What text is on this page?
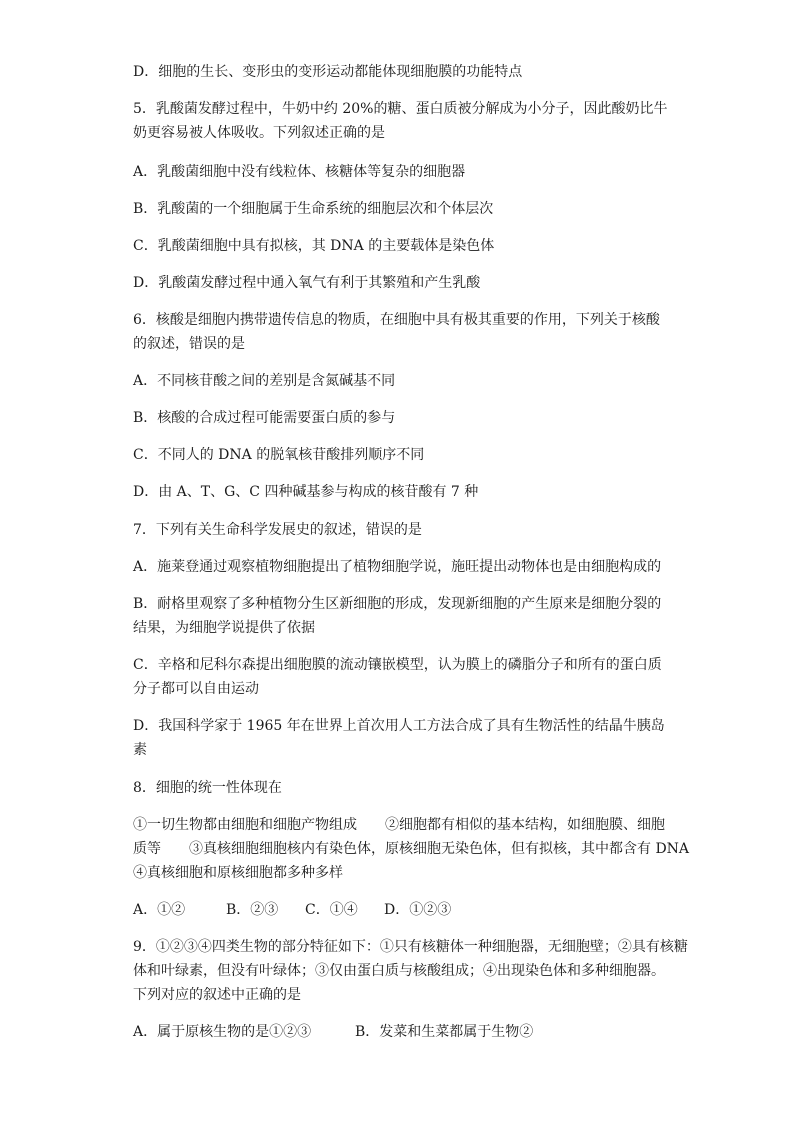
D．细胞的生长、变形虫的变形运动都能体现细胞膜的功能特点
5．乳酸菌发酵过程中，牛奶中约 20%的糖、蛋白质被分解成为小分子，因此酸奶比牛
奶更容易被人体吸收。下列叙述正确的是
A．乳酸菌细胞中没有线粒体、核糖体等复杂的细胞器
B．乳酸菌的一个细胞属于生命系统的细胞层次和个体层次
C．乳酸菌细胞中具有拟核，其 DNA 的主要载体是染色体
D．乳酸菌发酵过程中通入氧气有利于其繁殖和产生乳酸
6．核酸是细胞内携带遗传信息的物质，在细胞中具有极其重要的作用，下列关于核酸
的叙述，错误的是
A．不同核苷酸之间的差别是含氮碱基不同
B．核酸的合成过程可能需要蛋白质的参与
C．不同人的 DNA 的脱氧核苷酸排列顺序不同
D．由 A、T、G、C 四种碱基参与构成的核苷酸有 7 种
7．下列有关生命科学发展史的叙述，错误的是
A．施莱登通过观察植物细胞提出了植物细胞学说，施旺提出动物体也是由细胞构成的
B．耐格里观察了多种植物分生区新细胞的形成，发现新细胞的产生原来是细胞分裂的
结果，为细胞学说提供了依据
C．辛格和尼科尔森提出细胞膜的流动镶嵌模型，认为膜上的磷脂分子和所有的蛋白质
分子都可以自由运动
D．我国科学家于 1965 年在世界上首次用人工方法合成了具有生物活性的结晶牛胰岛
素
8．细胞的统一性体现在
①一切生物都由细胞和细胞产物组成　　②细胞都有相似的基本结构，如细胞膜、细胞
质等　　③真核细胞细胞核内有染色体，原核细胞无染色体，但有拟核，其中都含有 DNA
④真核细胞和原核细胞都多种多样
A．①②	B．②③ C．①④ D．①②③
9．①②③④四类生物的部分特征如下：①只有核糖体一种细胞器，无细胞壁；②具有核糖
体和叶绿素，但没有叶绿体；③仅由蛋白质与核酸组成；④出现染色体和多种细胞器。
下列对应的叙述中正确的是
A．属于原核生物的是①②③	B．发菜和生菜都属于生物②
